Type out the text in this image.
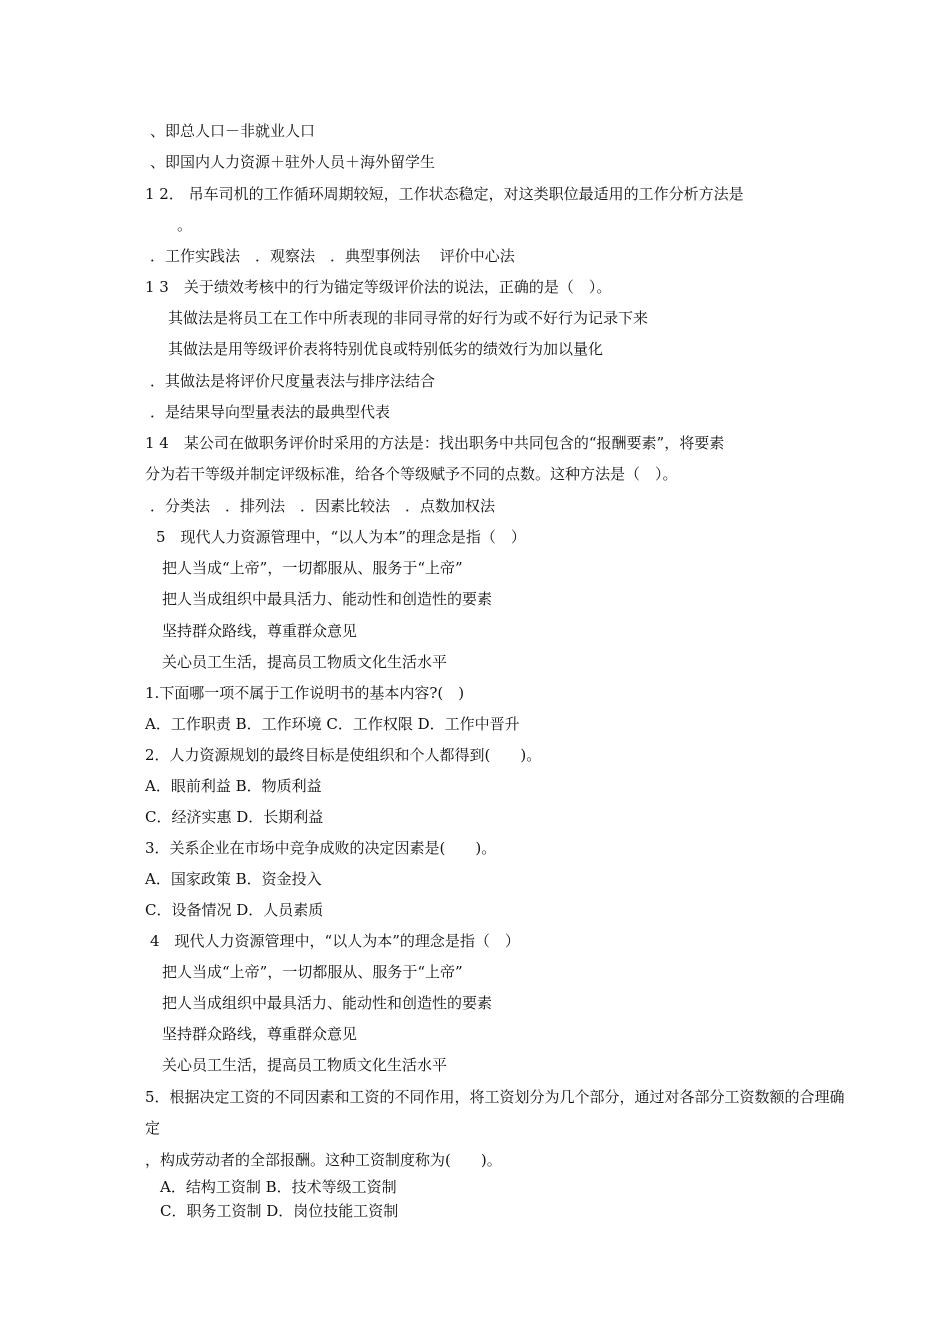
、即总人口－非就业人口
、即国内人力资源＋驻外人员＋海外留学生
1 2． 吊车司机的工作循环周期较短，工作状态稳定，对这类职位最适用的工作分析方法是
。
．工作实践法　．观察法　．典型事例法　 评价中心法
1 3　关于绩效考核中的行为锚定等级评价法的说法，正确的是（　）。
其做法是将员工在工作中所表现的非同寻常的好行为或不好行为记录下来
其做法是用等级评价表将特别优良或特别低劣的绩效行为加以量化
．其做法是将评价尺度量表法与排序法结合
．是结果导向型量表法的最典型代表
1 4　某公司在做职务评价时采用的方法是：找出职务中共同包含的“报酬要素”，将要素
分为若干等级并制定评级标准，给各个等级赋予不同的点数。这种方法是（　）。
．分类法　．排列法　．因素比较法　．点数加权法
5　现代人力资源管理中，“以人为本”的理念是指（　）
把人当成“上帝”，一切都服从、服务于“上帝”
把人当成组织中最具活力、能动性和创造性的要素
坚持群众路线，尊重群众意见
关心员工生活，提高员工物质文化生活水平
1.下面哪一项不属于工作说明书的基本内容?(　)
A．工作职责 B．工作环境 C．工作权限 D．工作中晋升
2．人力资源规划的最终目标是使组织和个人都得到(　　)。
A．眼前利益 B．物质利益
C．经济实惠 D．长期利益
3．关系企业在市场中竞争成败的决定因素是(　　)。
A．国家政策 B．资金投入
C．设备情况 D．人员素质
4　现代人力资源管理中，“以人为本”的理念是指（　）
把人当成“上帝”，一切都服从、服务于“上帝”
把人当成组织中最具活力、能动性和创造性的要素
坚持群众路线，尊重群众意见
关心员工生活，提高员工物质文化生活水平
5．根据决定工资的不同因素和工资的不同作用，将工资划分为几个部分，通过对各部分工资数额的合理确
定
，构成劳动者的全部报酬。这种工资制度称为(　　)。
A．结构工资制 B．技术等级工资制
C．职务工资制 D．岗位技能工资制
